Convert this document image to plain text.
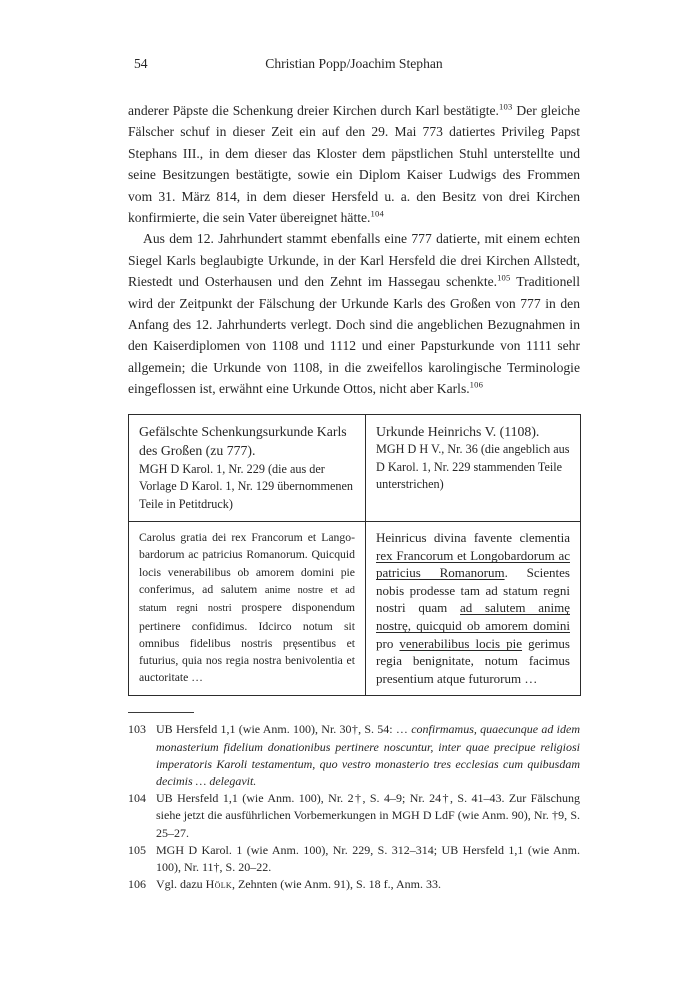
54	Christian Popp/Joachim Stephan

anderer Päpste die Schenkung dreier Kirchen durch Karl bestätigte.$^{103}$ Der gleiche Fälscher schuf in dieser Zeit ein auf den 29. Mai 773 datiertes Privileg Papst Stephans III., in dem dieser das Kloster dem päpstlichen Stuhl unterstellte und seine Besitzungen bestätigte, sowie ein Diplom Kaiser Ludwigs des Frommen vom 31. März 814, in dem dieser Hersfeld u. a. den Besitz von drei Kirchen konfirmierte, die sein Vater übereignet hätte.$^{104}$

Aus dem 12. Jahrhundert stammt ebenfalls eine 777 datierte, mit einem echten Siegel Karls beglaubigte Urkunde, in der Karl Hersfeld die drei Kirchen Allstedt, Riestedt und Osterhausen und den Zehnt im Hassegau schenkte.$^{105}$ Traditionell wird der Zeitpunkt der Fälschung der Urkunde Karls des Großen von 777 in den Anfang des 12. Jahrhunderts verlegt. Doch sind die angeblichen Bezugnahmen in den Kaiserdiplomen von 1108 und 1112 und einer Papsturkunde von 1111 sehr allgemein; die Urkunde von 1108, in die zweifellos karolingische Terminologie eingeflossen ist, erwähnt eine Urkunde Ottos, nicht aber Karls.$^{106}$

Gefälschte Schenkungsurkunde Karls des Großen (zu 777).
MGH D Karol. 1, Nr. 229 (die aus der Vorlage D Karol. 1, Nr. 129 übernommenen Teile in Petitdruck)
Urkunde Heinrichs V. (1108).
MGH D H V., Nr. 36 (die angeblich aus D Karol. 1, Nr. 229 stammenden Teile unterstrichen)
Carolus gratia dei rex Francorum et Langobardorum ac patricius Romanorum. Quicquid locis venerabilibus ob amorem domini pie conferimus, ad salutem anime nostre et ad statum regni nostri prospere disponendum pertinere confidimus. Idcirco notum sit omnibus fidelibus nostris pręsentibus et futurius, quia nos regia nostra benivolentia et auctoritate …
Heinricus divina favente clementia rex Francorum et Longobardorum ac patricius Romanorum. Scientes nobis prodesse tam ad statum regni nostri quam ad salutem animę nostrę, quicquid ob amorem domini pro venerabilibus locis pie gerimus regia benignitate, notum facimus presentium atque futurorum …
103 UB Hersfeld 1,1 (wie Anm. 100), Nr. 30†, S. 54: … confirmamus, quaecunque ad idem monasterium fidelium donationibus pertinere noscuntur, inter quae precipue religiosi imperatoris Karoli testamentum, quo vestro monasterio tres ecclesias cum quibusdam decimis … delegavit.
104 UB Hersfeld 1,1 (wie Anm. 100), Nr. 2†, S. 4–9; Nr. 24†, S. 41–43. Zur Fälschung siehe jetzt die ausführlichen Vorbemerkungen in MGH D LdF (wie Anm. 90), Nr. †9, S. 25–27.
105 MGH D Karol. 1 (wie Anm. 100), Nr. 229, S. 312–314; UB Hersfeld 1,1 (wie Anm. 100), Nr. 11†, S. 20–22.
106 Vgl. dazu Hölk, Zehnten (wie Anm. 91), S. 18 f., Anm. 33.
